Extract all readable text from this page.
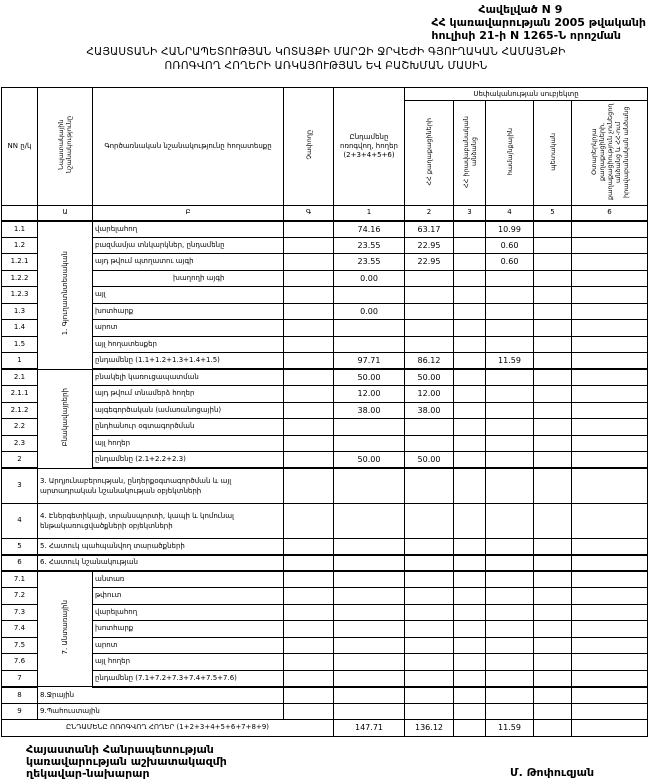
Հավելված N 9
ՀՀ կառավարության 2005 թվականի
հուլիսի 21-ի N 1265-Ն որոշման
ՀԱՅԱՍՏԱՆԻ ՀԱՆՐԱՊԵՏՈՒԹՅԱՆ ԿՈՏԱՅՔԻ ՄԱՐԶԻ ՋՐՎԵԺԻ ԳՅՈՒՂԱԿԱՆ ՀԱՄԱՅՆՔԻ
ՈՌՈԳՎՈՂ ՀՈՂԵՐԻ ԱՌԿԱՅՈՒԹՅԱՆ ԵՎ ԲԱՇԽՄԱՆ ՄԱՍԻՆ
NN ը/կ	Նպատակային նշանակությունը	Գործառնական նշանակությունը հողատեսքը	Չափողը	Ընդամենը ոռոգվող, հողեր (2+3+4+5+6)	Սեփականության սուբյեկտը				
					ՀՀ քաղաքացիների	ՀՀ իրավաբանական անձանց	համայնքային	պետական	Օտարերկրյա քաղաքացիների, քաղաքացիություն չունեցող անձանց և ՀՀ-ում իրավաբանական անձանց
	Ա	Բ	Գ	1	2	3	4	5	6
1.1	1. Գյուղատնտեսական	վարելահող		74.16	63.17		10.99		
1.2		բազմամյա տնկարկներ, ընդամենը		23.55	22.95		0.60		
1.2.1		այդ թվում պտղատու այգի		23.55	22.95		0.60		
1.2.2		խաղողի այգի		0.00					
1.2.3		այլ							
1.3		խոտհարք		0.00					
1.4		արոտ							
1.5		այլ հողատեսքեր							
1		ընդամենը (1.1+1.2+1.3+1.4+1.5)		97.71	86.12		11.59		
2.1	Բնակավայրերի	բնակելի կառուցապատման		50.00	50.00				
2.1.1		այդ թվում տնամերձ հողեր		12.00	12.00				
2.1.2		այգեգործական (ամառանոցային)		38.00	38.00				
2.2		ընդհանուր օգտագործման							
2.3		այլ հողեր							
2		ընդամենը (2.1+2.2+2.3)		50.00	50.00				
3	3. Արդյունաբերության, ընդերքօգտագործման և այլ արտադրական նշանակության օբյեկտների								
4	4. Էներգետիկայի, տրանսպորտի, կապի և կոմունալ ենթակառուցվածքների օբյեկտների								
5	5. Հատուկ պահպանվող տարածքների								
6	6. Հատուկ նշանակության								
7.1	7. Անտառային	անտառ							
7.2		թփուտ							
7.3		վարելահող							
7.4		խոտհարք							
7.5		արոտ							
7.6		այլ հողեր							
7		ընդամենը (7.1+7.2+7.3+7.4+7.5+7.6)							
8	8.Ջրային								
9	9.Պահուստային								
ԸՆԴԱՄԵՆԸ ՈՌՈԳՎՈՂ ՀՈՂԵՐ (1+2+3+4+5+6+7+8+9)				147.71	136.12		11.59		
Հայաստանի Հանրապետության
կառավարության աշխատակազմի
ղեկավար-նախարար	Մ. Թոփուզյան
